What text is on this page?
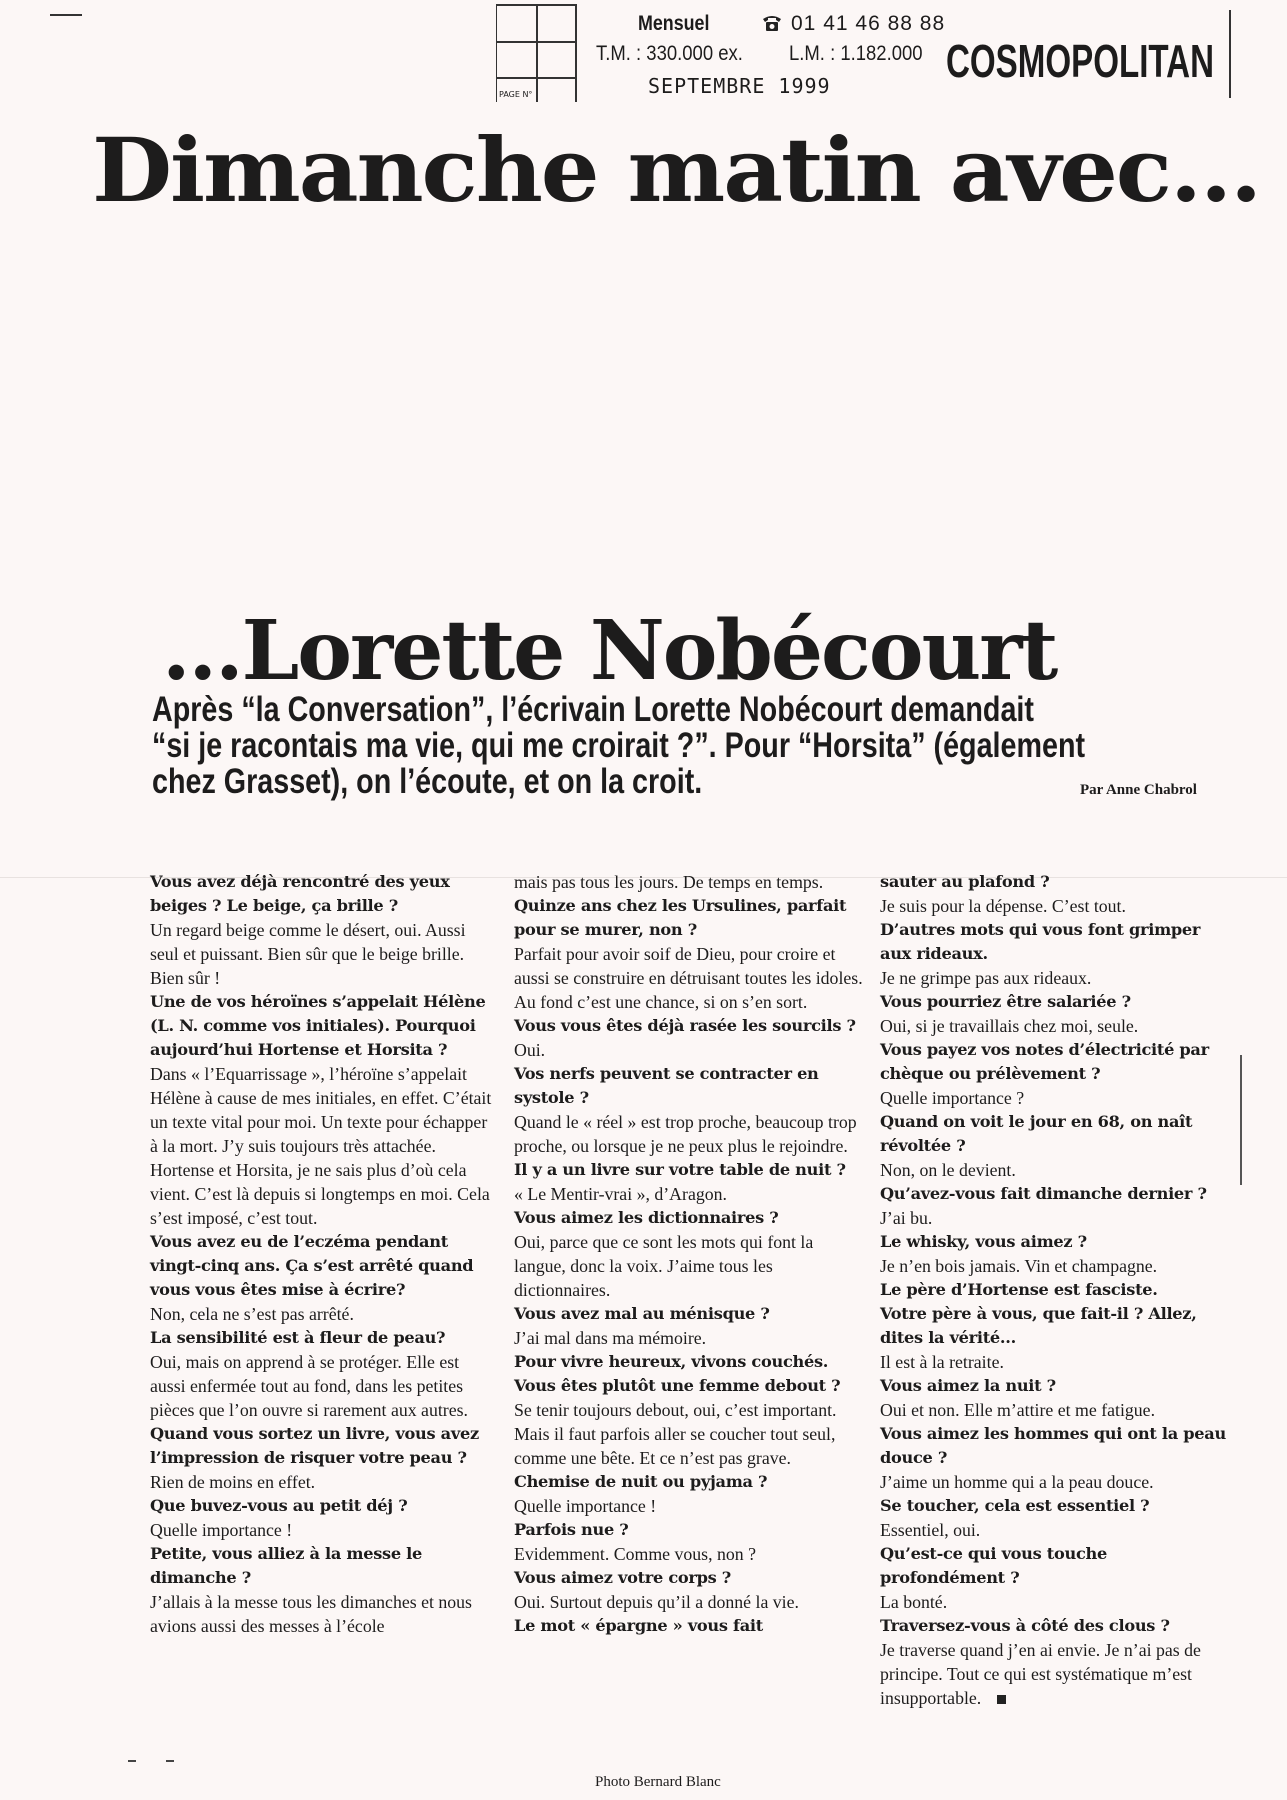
PAGE N°
Mensuel	01 41 46 88 88
T.M. : 330.000 ex. L.M. : 1.182.000
SEPTEMBRE 1999	COSMOPOLITAN
Dimanche matin avec...
...Lorette Nobécourt
Après “la Conversation”, l’écrivain Lorette Nobécourt demandait
“si je racontais ma vie, qui me croirait ?”. Pour “Horsita” (également
chez Grasset), on l’écoute, et on la croit.	Par Anne Chabrol

Vous avez déjà rencontré des yeux beiges ? Le beige, ça brille ?

Un regard beige comme le désert, oui. Aussi seul et puissant. Bien sûr que le beige brille. Bien sûr !

Une de vos héroïnes s’appelait Hélène (L. N. comme vos initiales). Pourquoi aujourd’hui Hortense et Horsita ?

Dans « l’Equarrissage », l’héroïne s’appelait Hélène à cause de mes initiales, en effet. C’était un texte vital pour moi. Un texte pour échapper à la mort. J’y suis toujours très attachée. Hortense et Horsita, je ne sais plus d’où cela vient. C’est là depuis si longtemps en moi. Cela s’est imposé, c’est tout.

Vous avez eu de l’eczéma pendant vingt-cinq ans. Ça s’est arrêté quand vous vous êtes mise à écrire?

Non, cela ne s’est pas arrêté.

La sensibilité est à fleur de peau?

Oui, mais on apprend à se protéger. Elle est aussi enfermée tout au fond, dans les petites pièces que l’on ouvre si rarement aux autres.

Quand vous sortez un livre, vous avez l’impression de risquer votre peau ?

Rien de moins en effet.

Que buvez-vous au petit déj ?

Quelle importance !

Petite, vous alliez à la messe le dimanche ?

J’allais à la messe tous les dimanches et nous avions aussi des messes à l’école

mais pas tous les jours. De temps en temps.

Quinze ans chez les Ursulines, parfait pour se murer, non ?

Parfait pour avoir soif de Dieu, pour croire et aussi se construire en détruisant toutes les idoles. Au fond c’est une chance, si on s’en sort.

Vous vous êtes déjà rasée les sourcils ?

Oui.

Vos nerfs peuvent se contracter en systole ?

Quand le « réel » est trop proche, beaucoup trop proche, ou lorsque je ne peux plus le rejoindre.

Il y a un livre sur votre table de nuit ?

« Le Mentir-vrai », d’Aragon.

Vous aimez les dictionnaires ?

Oui, parce que ce sont les mots qui font la langue, donc la voix. J’aime tous les dictionnaires.

Vous avez mal au ménisque ?

J’ai mal dans ma mémoire.

Pour vivre heureux, vivons couchés.

Vous êtes plutôt une femme debout ?

Se tenir toujours debout, oui, c’est important. Mais il faut parfois aller se coucher tout seul, comme une bête. Et ce n’est pas grave.

Chemise de nuit ou pyjama ?

Quelle importance !

Parfois nue ?

Evidemment. Comme vous, non ?

Vous aimez votre corps ?

Oui. Surtout depuis qu’il a donné la vie.

Le mot « épargne » vous fait

sauter au plafond ?

Je suis pour la dépense. C’est tout.

D’autres mots qui vous font grimper aux rideaux.

Je ne grimpe pas aux rideaux.

Vous pourriez être salariée ?

Oui, si je travaillais chez moi, seule.

Vous payez vos notes d’électricité par chèque ou prélèvement ?

Quelle importance ?

Quand on voit le jour en 68, on naît révoltée ?

Non, on le devient.

Qu’avez-vous fait dimanche dernier ?

J’ai bu.

Le whisky, vous aimez ?

Je n’en bois jamais. Vin et champagne.

Le père d’Hortense est fasciste.

Votre père à vous, que fait-il ? Allez, dites la vérité...

Il est à la retraite.

Vous aimez la nuit ?

Oui et non. Elle m’attire et me fatigue.

Vous aimez les hommes qui ont la peau douce ?

J’aime un homme qui a la peau douce.

Se toucher, cela est essentiel ?

Essentiel, oui.

Qu’est-ce qui vous touche profondément ?

La bonté.

Traversez-vous à côté des clous ?

Je traverse quand j’en ai envie. Je n’ai pas de principe. Tout ce qui est systématique m’est insupportable.

Photo Bernard Blanc
